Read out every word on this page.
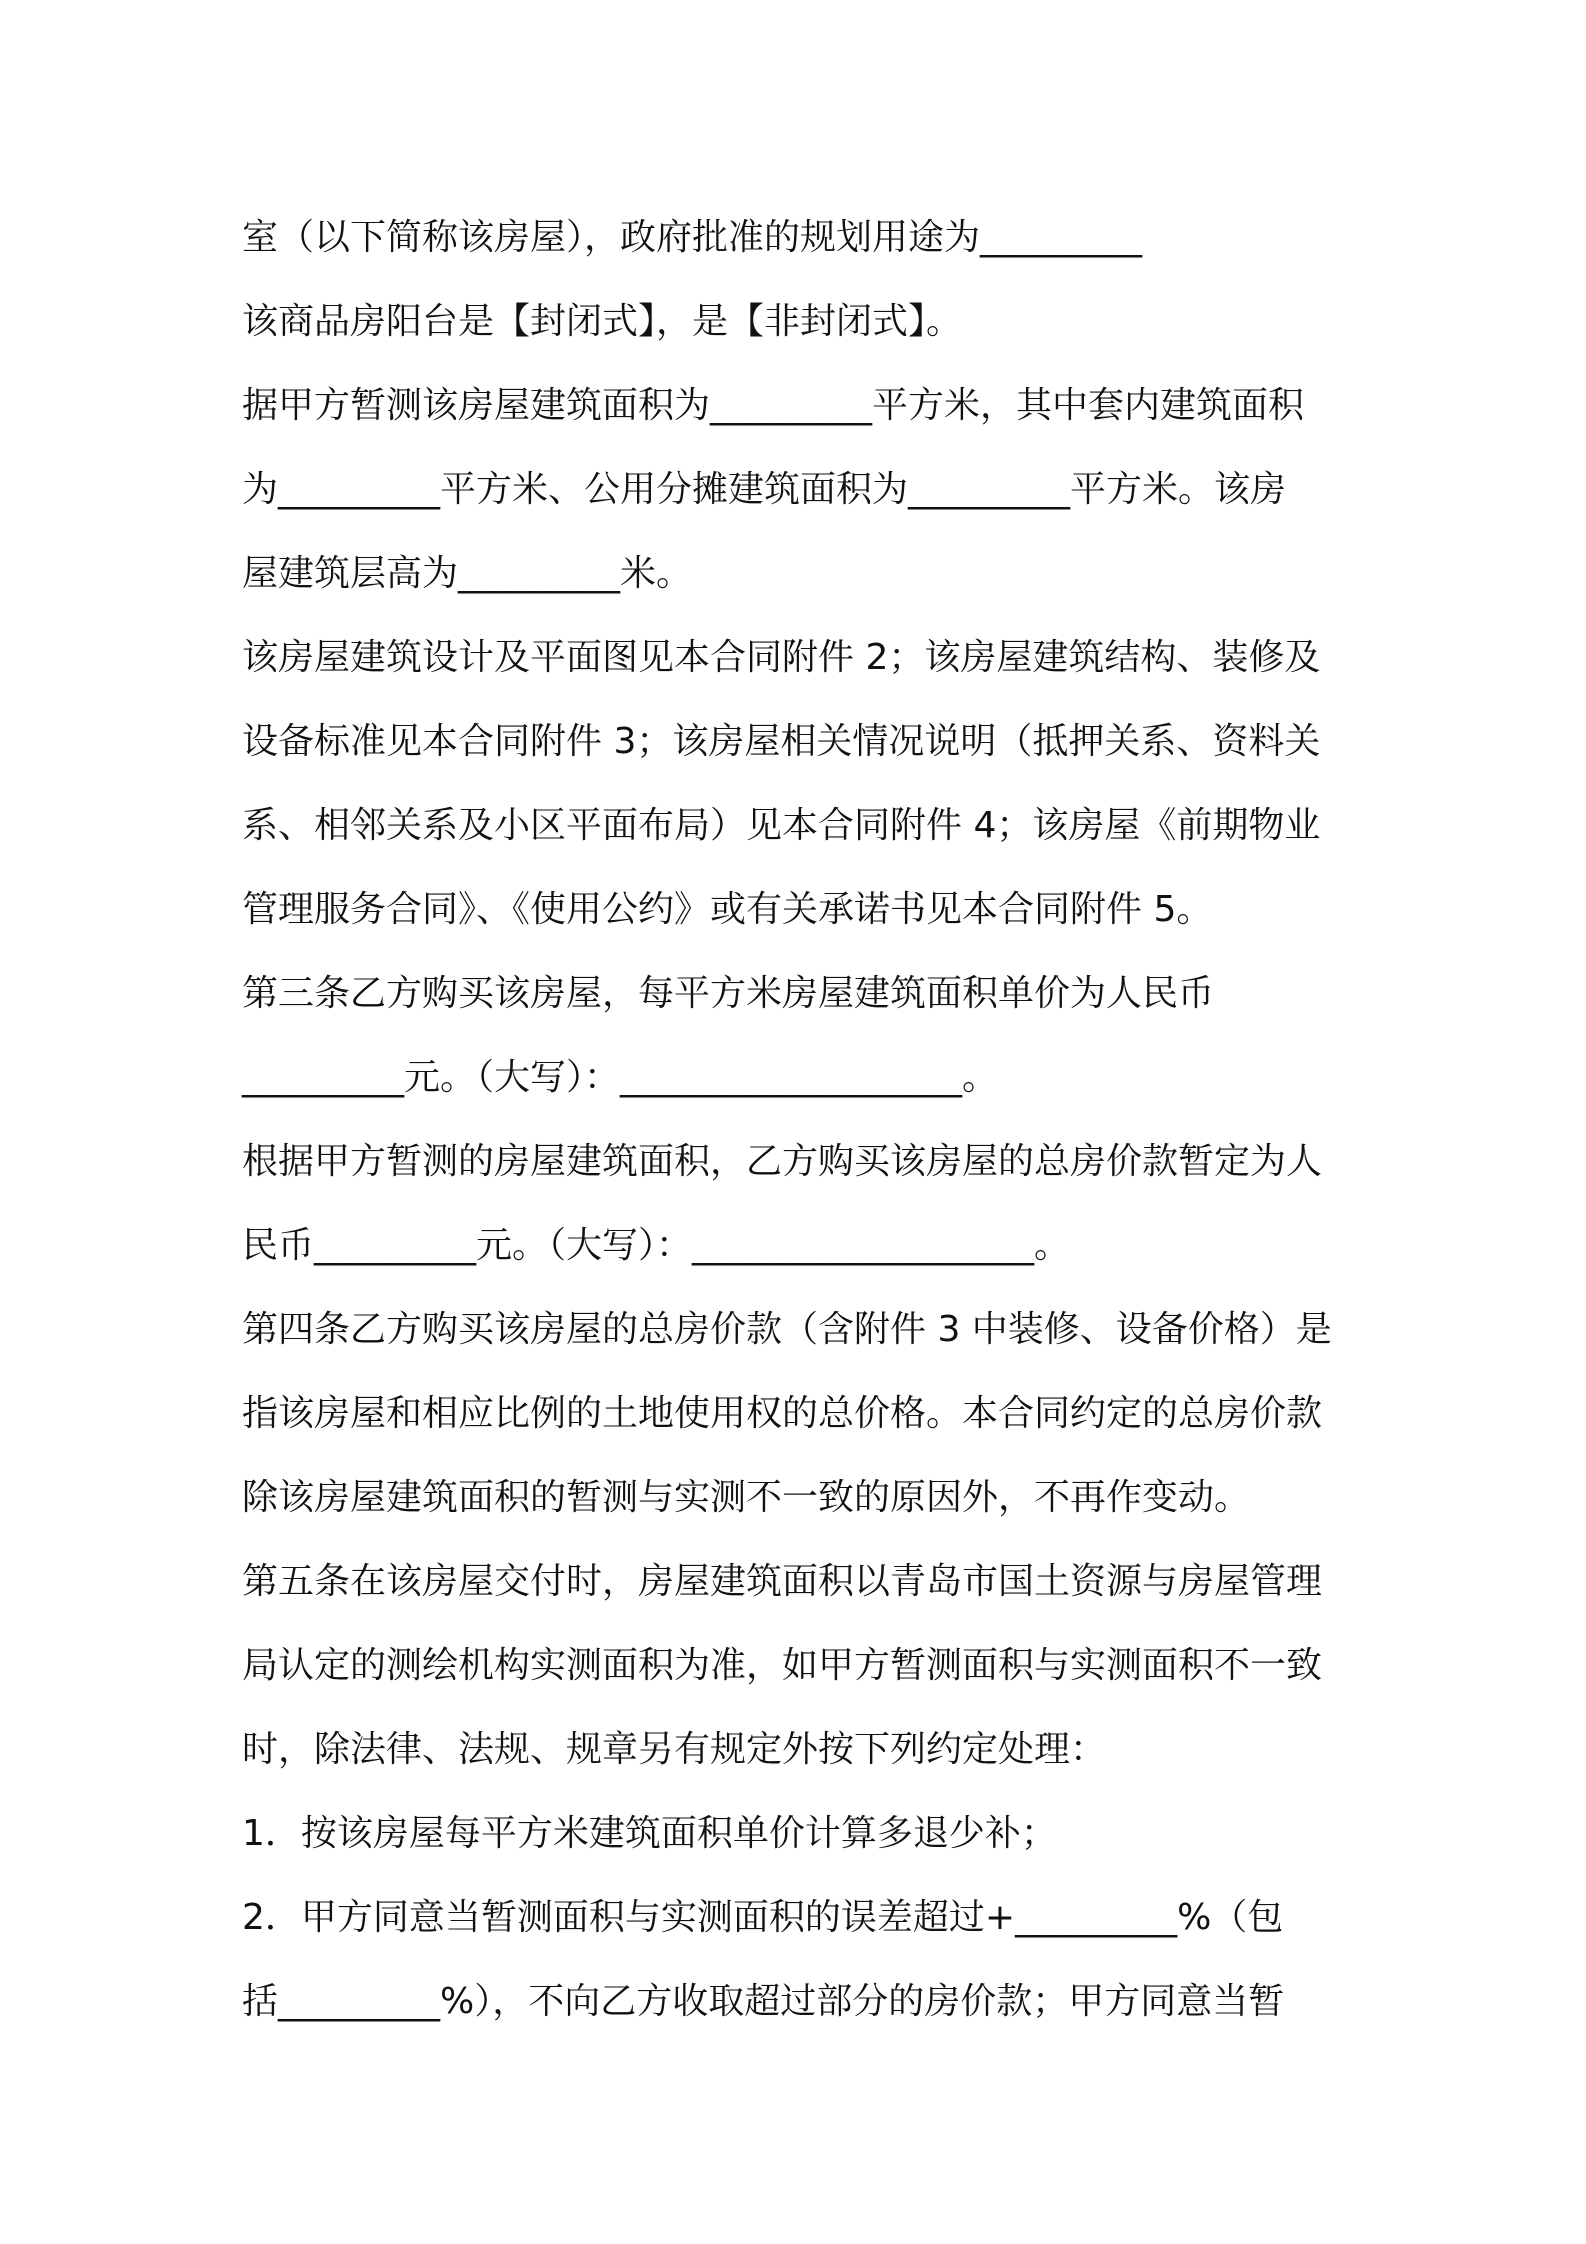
室（以下简称该房屋），政府批准的规划用途为_________
该商品房阳台是【封闭式】，是【非封闭式】。
据甲方暂测该房屋建筑面积为_________平方米，其中套内建筑面积
为_________平方米、公用分摊建筑面积为_________平方米。该房
屋建筑层高为_________米。
该房屋建筑设计及平面图见本合同附件 2；该房屋建筑结构、装修及
设备标准见本合同附件 3；该房屋相关情况说明（抵押关系、资料关
系、相邻关系及小区平面布局）见本合同附件 4；该房屋《前期物业
管理服务合同》、《使用公约》或有关承诺书见本合同附件 5。
第三条乙方购买该房屋，每平方米房屋建筑面积单价为人民币
_________元。（大写）：___________________。
根据甲方暂测的房屋建筑面积，乙方购买该房屋的总房价款暂定为人
民币_________元。（大写）：___________________。
第四条乙方购买该房屋的总房价款（含附件 3 中装修、设备价格）是
指该房屋和相应比例的土地使用权的总价格。本合同约定的总房价款
除该房屋建筑面积的暂测与实测不一致的原因外，不再作变动。
第五条在该房屋交付时，房屋建筑面积以青岛市国土资源与房屋管理
局认定的测绘机构实测面积为准，如甲方暂测面积与实测面积不一致
时，除法律、法规、规章另有规定外按下列约定处理：
1．按该房屋每平方米建筑面积单价计算多退少补；
2．甲方同意当暂测面积与实测面积的误差超过+_________%（包
括_________%），不向乙方收取超过部分的房价款；甲方同意当暂
